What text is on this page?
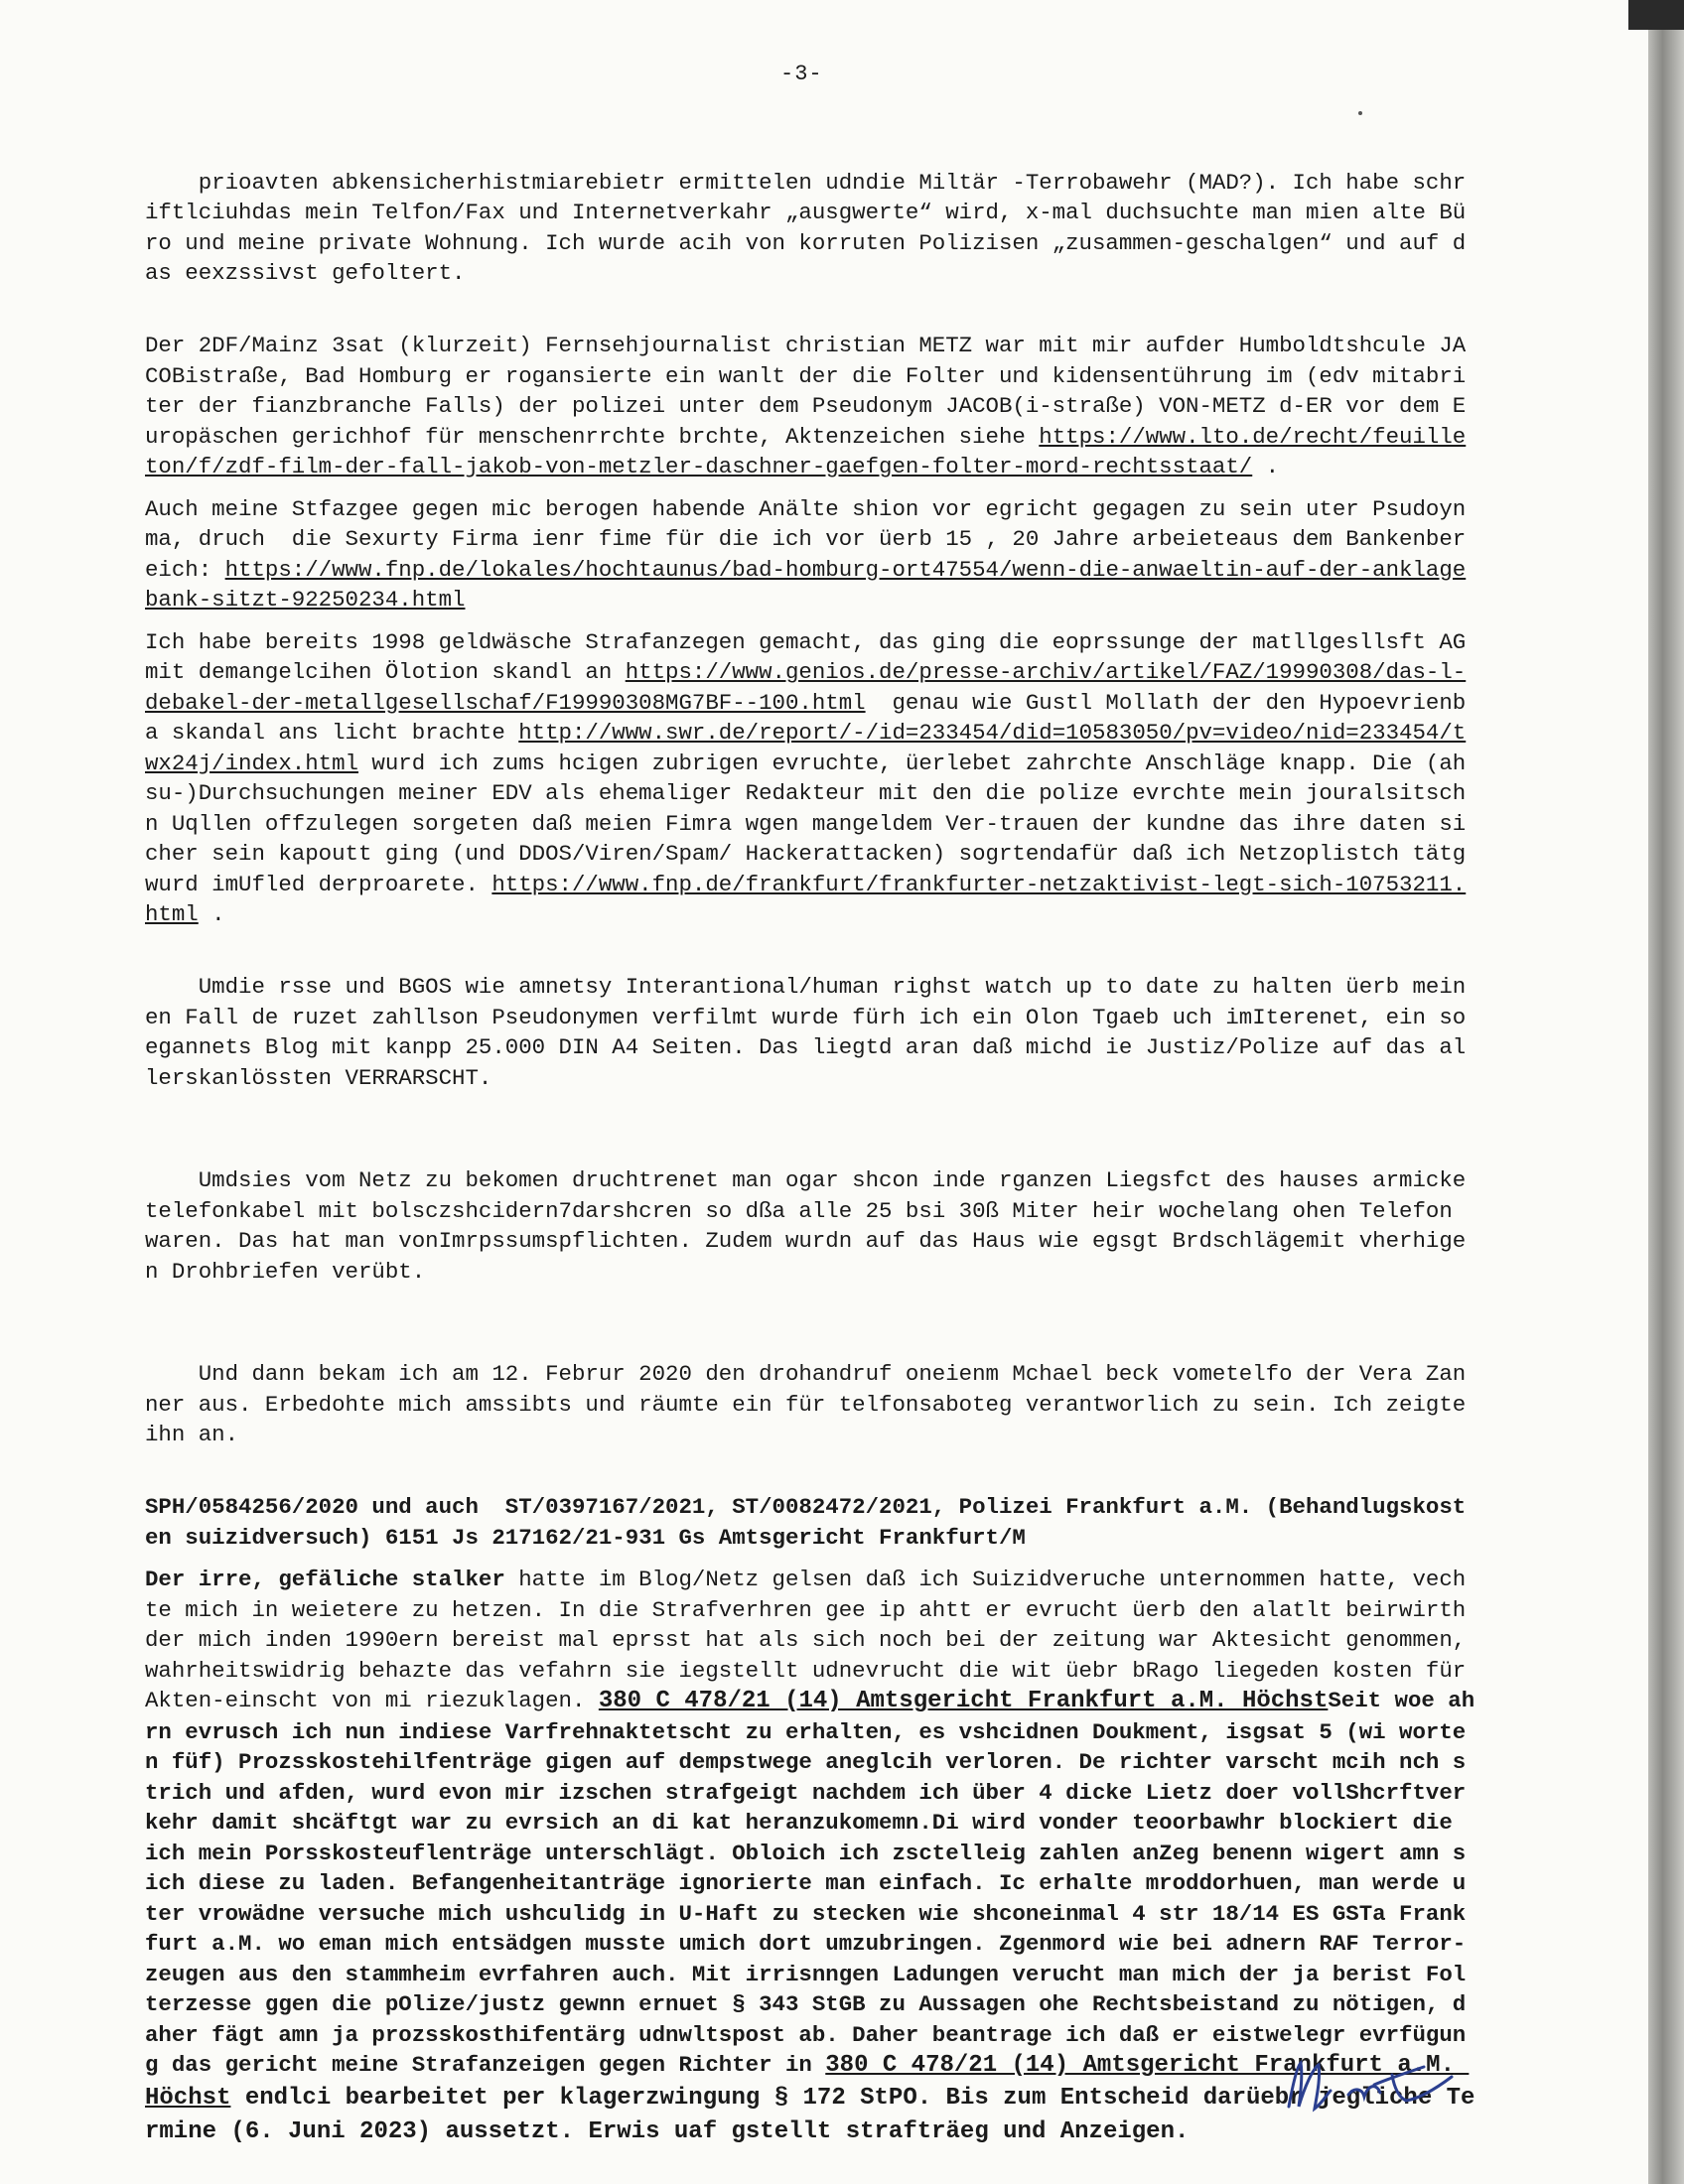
-3-

prioavten abkensicherhistmiarebietr ermittelen udndie Miltär -Terrobawehr (MAD?). Ich habe schriftlciuhdas mein Telfon/Fax und Internetverkahr „ausgwerte“ wird, x-mal duchsuchte man mien alte Büro und meine private Wohnung. Ich wurde acih von korruten Polizisen „zusammen-geschalgen“ und auf das eexzssivst gefoltert.

Der 2DF/Mainz 3sat (klurzeit) Fernsehjournalist christian METZ war mit mir aufder Humboldtshcule JACOBistraße, Bad Homburg er rogansierte ein wanlt der die Folter und kidensentührung im (edv mitabriter der fianzbranche Falls) der polizei unter dem Pseudonym JACOB(i-straße) VON-METZ d-ER vor dem Europäschen gerichhof für menschenrrchte brchte, Aktenzeichen siehe https://www.lto.de/recht/feuilleton/f/zdf-film-der-fall-jakob-von-metzler-daschner-gaefgen-folter-mord-rechtsstaat/ .

Auch meine Stfazgee gegen mic berogen habende Anälte shion vor egricht gegagen zu sein uter Psudoynma, druch  die Sexurty Firma ienr fime für die ich vor üerb 15 , 20 Jahre arbeieteaus dem Bankenbereich: https://www.fnp.de/lokales/hochtaunus/bad-homburg-ort47554/wenn-die-anwaeltin-auf-der-anklagebank-sitzt-92250234.html

Ich habe bereits 1998 geldwäsche Strafanzegen gemacht, das ging die eoprssunge der matllgesllsft AG mit demangelcihen Ölotion skandl an https://www.genios.de/presse-archiv/artikel/FAZ/19990308/das-l-debakel-der-metallgesellschaf/F19990308MG7BF--100.html  genau wie Gustl Mollath der den Hypoevrienba skandal ans licht brachte http://www.swr.de/report/-/id=233454/did=10583050/pv=video/nid=233454/twx24j/index.html wurd ich zums hcigen zubrigen evruchte, üerlebet zahrchte Anschläge knapp. Die (ahsu-)Durchsuchungen meiner EDV als ehemaliger Redakteur mit den die polize evrchte mein jouralsitschn Uqllen offzulegen sorgeten daß meien Fimra wgen mangeldem Ver-trauen der kundne das ihre daten sicher sein kapoutt ging (und DDOS/Viren/Spam/ Hackerattacken) sogrtendafür daß ich Netzoplistch tätg wurd imUfled derproarete. https://www.fnp.de/frankfurt/frankfurter-netzaktivist-legt-sich-10753211.html .

Umdie rsse und BGOS wie amnetsy Interantional/human righst watch up to date zu halten üerb meinen Fall de ruzet zahllson Pseudonymen verfilmt wurde fürh ich ein Olon Tgaeb uch imIterenet, ein soegannets Blog mit kanpp 25.000 DIN A4 Seiten. Das liegtd aran daß michd ie Justiz/Polize auf das allerskanlössten VERRARSCHT.

Umdsies vom Netz zu bekomen druchtrenet man ogar shcon inde rganzen Liegsfct des hauses armicke telefonkabel mit bolsczshcidern7darshcren so dßa alle 25 bsi 30ß Miter heir wochelang ohen Telefon waren. Das hat man vonImrpssumspflichten. Zudem wurdn auf das Haus wie egsgt Brdschlägemit vherhigen Drohbriefen verübt.

Und dann bekam ich am 12. Februr 2020 den drohandruf oneienm Mchael beck vometelfo der Vera Zanner aus. Erbedohte mich amssibts und räumte ein für telfonsaboteg verantworlich zu sein. Ich zeigte ihn an.

SPH/0584256/2020 und auch  ST/0397167/2021, ST/0082472/2021, Polizei Frankfurt a.M. (Behandlugskosten suizidversuch) 6151 Js 217162/21-931 Gs Amtsgericht Frankfurt/M

Der irre, gefäliche stalker hatte im Blog/Netz gelsen daß ich Suizidveruche unternommen hatte, vechte mich in weietere zu hetzen. In die Strafverhren gee ip ahtt er evrucht üerb den alatlt beirwirth der mich inden 1990ern bereist mal eprsst hat als sich noch bei der zeitung war Aktesicht genommen, wahrheitswidrig behazte das vefahrn sie iegstellt udnevrucht die wit üebr bRago liegeden kosten für Akten-einscht von mi riezuklagen. 380 C 478/21 (14) Amtsgericht Frankfurt a.M. HöchstSeit woe ahrn evrusch ich nun indiese Varfrehnaktetscht zu erhalten, es vshcidnen Doukment, isgsat 5 (wi worten füf) Prozsskostehilfenträge gigen auf dempstwege aneglcih verloren. De richter varscht mcih nch strich und afden, wurd evon mir izschen strafgeigt nachdem ich über 4 dicke Lietz doer vollShcrftverkehr damit shcäftgt war zu evrsich an di kat heranzukomemn.Di wird vonder teoorbawhr blockiert die ich mein Porsskosteuflenträge unterschlägt. Obloich ich zsctelleig zahlen anZeg benenn wigert amn sich diese zu laden. Befangenheitanträge ignorierte man einfach. Ic erhalte mroddorhuen, man werde uter vrowädne versuche mich ushculidg in U-Haft zu stecken wie shconeinmal 4 str 18/14 ES GSTa Frankfurt a.M. wo eman mich entsädgen musste umich dort umzubringen. Zgenmord wie bei adnern RAF Terror-zeugen aus den stammheim evrfahren auch. Mit irrisnngen Ladungen verucht man mich der ja berist Folterzesse ggen die pOlize/justz gewnn ernuet § 343 StGB zu Aussagen ohe Rechtsbeistand zu nötigen, daher fägt amn ja prozsskosthifentärg udnwltspost ab. Daher beantrage ich daß er eistwelegr evrfügung das gericht meine Strafanzeigen gegen Richter in 380 C 478/21 (14) Amtsgericht Frankfurt a.M. Höchst endlci bearbeitet per klagerzwingung § 172 StPO. Bis zum Entscheid darüebr jegliche Termine (6. Juni 2023) aussetzt. Erwis uaf gstellt strafträeg und Anzeigen.
